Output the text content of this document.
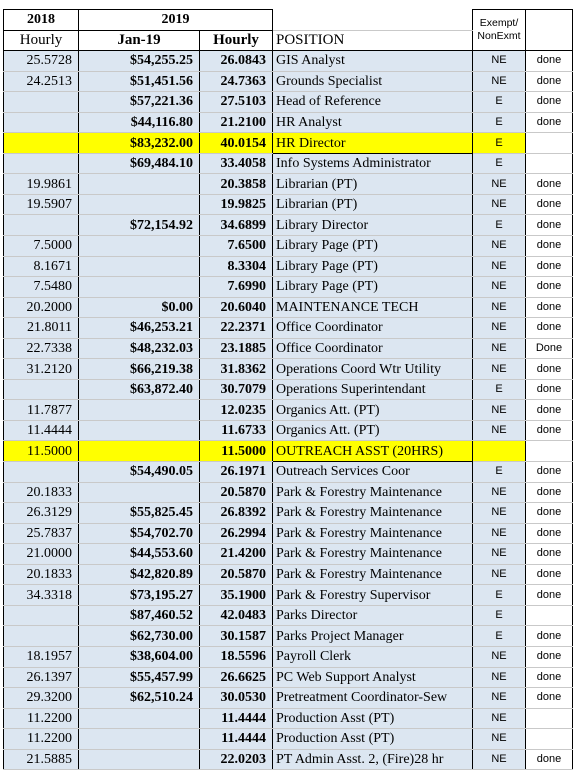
2018	2019			Exempt/
NonExmt	

Hourly	Jan-19	Hourly	POSITION		
25.5728	$54,255.25	26.0843	GIS Analyst	NE	done
24.2513	$51,451.56	24.7363	Grounds Specialist	NE	done
	$57,221.36	27.5103	Head of Reference	E	done
	$44,116.80	21.2100	HR Analyst	E	done
	$83,232.00	40.0154	HR Director	E	
	$69,484.10	33.4058	Info Systems Administrator	E	
19.9861		20.3858	Librarian (PT)	NE	done
19.5907		19.9825	Librarian (PT)	NE	done
	$72,154.92	34.6899	Library Director	E	done
7.5000		7.6500	Library Page (PT)	NE	done
8.1671		8.3304	Library Page (PT)	NE	done
7.5480		7.6990	Library Page (PT)	NE	done
20.2000	$0.00	20.6040	MAINTENANCE TECH	NE	done
21.8011	$46,253.21	22.2371	Office Coordinator	NE	done
22.7338	$48,232.03	23.1885	Office Coordinator	NE	Done
31.2120	$66,219.38	31.8362	Operations Coord Wtr Utility	NE	done
	$63,872.40	30.7079	Operations Superintendant	E	done
11.7877		12.0235	Organics Att. (PT)	NE	done
11.4444		11.6733	Organics Att. (PT)	NE	done
11.5000		11.5000	OUTREACH ASST (20HRS)		
	$54,490.05	26.1971	Outreach Services Coor	E	done
20.1833		20.5870	Park & Forestry Maintenance	NE	done
26.3129	$55,825.45	26.8392	Park & Forestry Maintenance	NE	done
25.7837	$54,702.70	26.2994	Park & Forestry Maintenance	NE	done
21.0000	$44,553.60	21.4200	Park & Forestry Maintenance	NE	done
20.1833	$42,820.89	20.5870	Park & Forestry Maintenance	NE	done
34.3318	$73,195.27	35.1900	Park & Forestry Supervisor	E	done
	$87,460.52	42.0483	Parks Director	E	
	$62,730.00	30.1587	Parks Project Manager	E	done
18.1957	$38,604.00	18.5596	Payroll Clerk	NE	done
26.1397	$55,457.99	26.6625	PC Web Support Analyst	NE	done
29.3200	$62,510.24	30.0530	Pretreatment Coordinator-Sew	NE	done
11.2200		11.4444	Production Asst (PT)	NE	
11.2200		11.4444	Production Asst (PT)	NE	
21.5885		22.0203	PT Admin Asst. 2, (Fire)28 hr	NE	done
